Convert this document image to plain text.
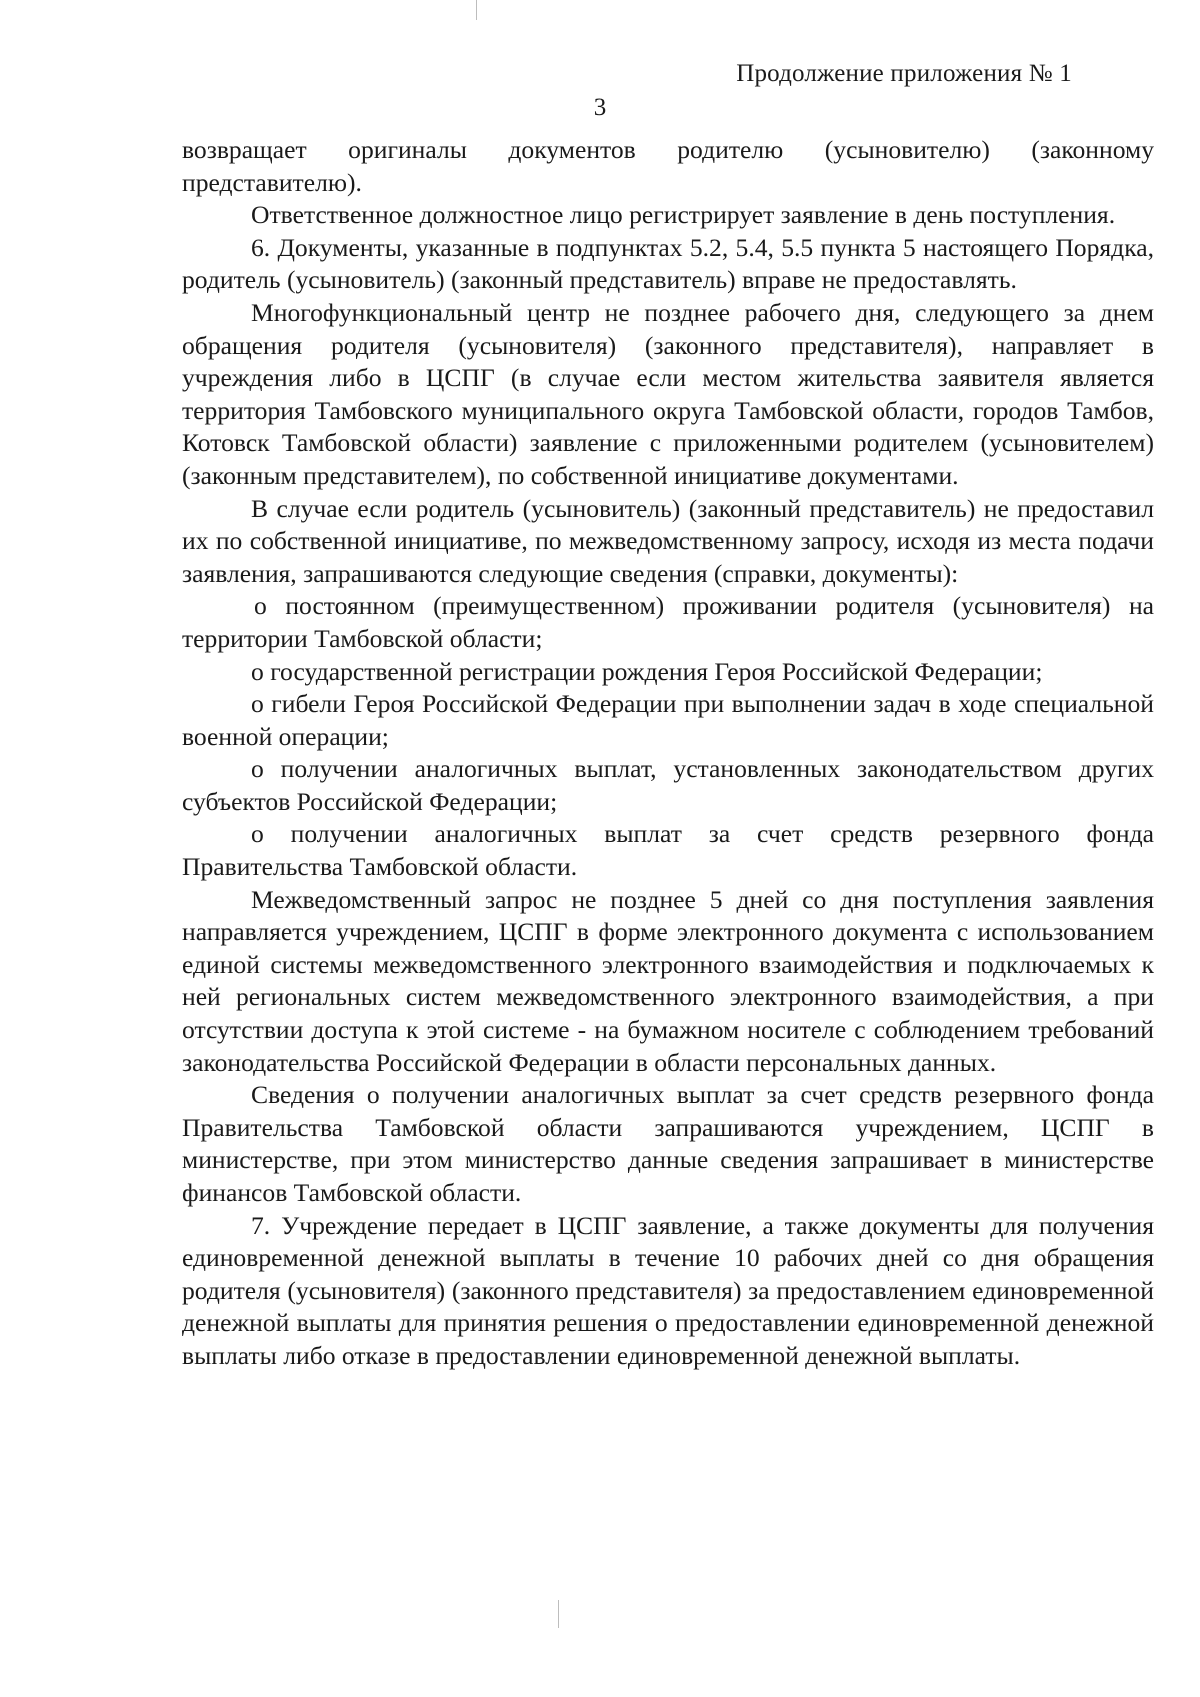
Продолжение приложения № 1
3

возвращает оригиналы документов родителю (усыновителю) (законному представителю).

Ответственное должностное лицо регистрирует заявление в день поступления.

6. Документы, указанные в подпунктах 5.2, 5.4, 5.5 пункта 5 настоящего Порядка, родитель (усыновитель) (законный представитель) вправе не предоставлять.

Многофункциональный центр не позднее рабочего дня, следующего за днем обращения родителя (усыновителя) (законного представителя), направляет в учреждения либо в ЦСПГ (в случае если местом жительства заявителя является территория Тамбовского муниципального округа Тамбовской области, городов Тамбов, Котовск Тамбовской области) заявление с приложенными родителем (усыновителем) (законным представителем), по собственной инициативе документами.

В случае если родитель (усыновитель) (законный представитель) не предоставил их по собственной инициативе, по межведомственному запросу, исходя из места подачи заявления, запрашиваются следующие сведения (справки, документы):

о постоянном (преимущественном) проживании родителя (усыновителя) на территории Тамбовской области;

о государственной регистрации рождения Героя Российской Федерации;

о гибели Героя Российской Федерации при выполнении задач в ходе специальной военной операции;

о получении аналогичных выплат, установленных законодательством других субъектов Российской Федерации;

о получении аналогичных выплат за счет средств резервного фонда Правительства Тамбовской области.

Межведомственный запрос не позднее 5 дней со дня поступления заявления направляется учреждением, ЦСПГ в форме электронного документа с использованием единой системы межведомственного электронного взаимодействия и подключаемых к ней региональных систем межведомственного электронного взаимодействия, а при отсутствии доступа к этой системе - на бумажном носителе с соблюдением требований законодательства Российской Федерации в области персональных данных.

Сведения о получении аналогичных выплат за счет средств резервного фонда Правительства Тамбовской области запрашиваются учреждением, ЦСПГ в министерстве, при этом министерство данные сведения запрашивает в министерстве финансов Тамбовской области.

7. Учреждение передает в ЦСПГ заявление, а также документы для получения единовременной денежной выплаты в течение 10 рабочих дней со дня обращения родителя (усыновителя) (законного представителя) за предоставлением единовременной денежной выплаты для принятия решения о предоставлении единовременной денежной выплаты либо отказе в предоставлении единовременной денежной выплаты.
